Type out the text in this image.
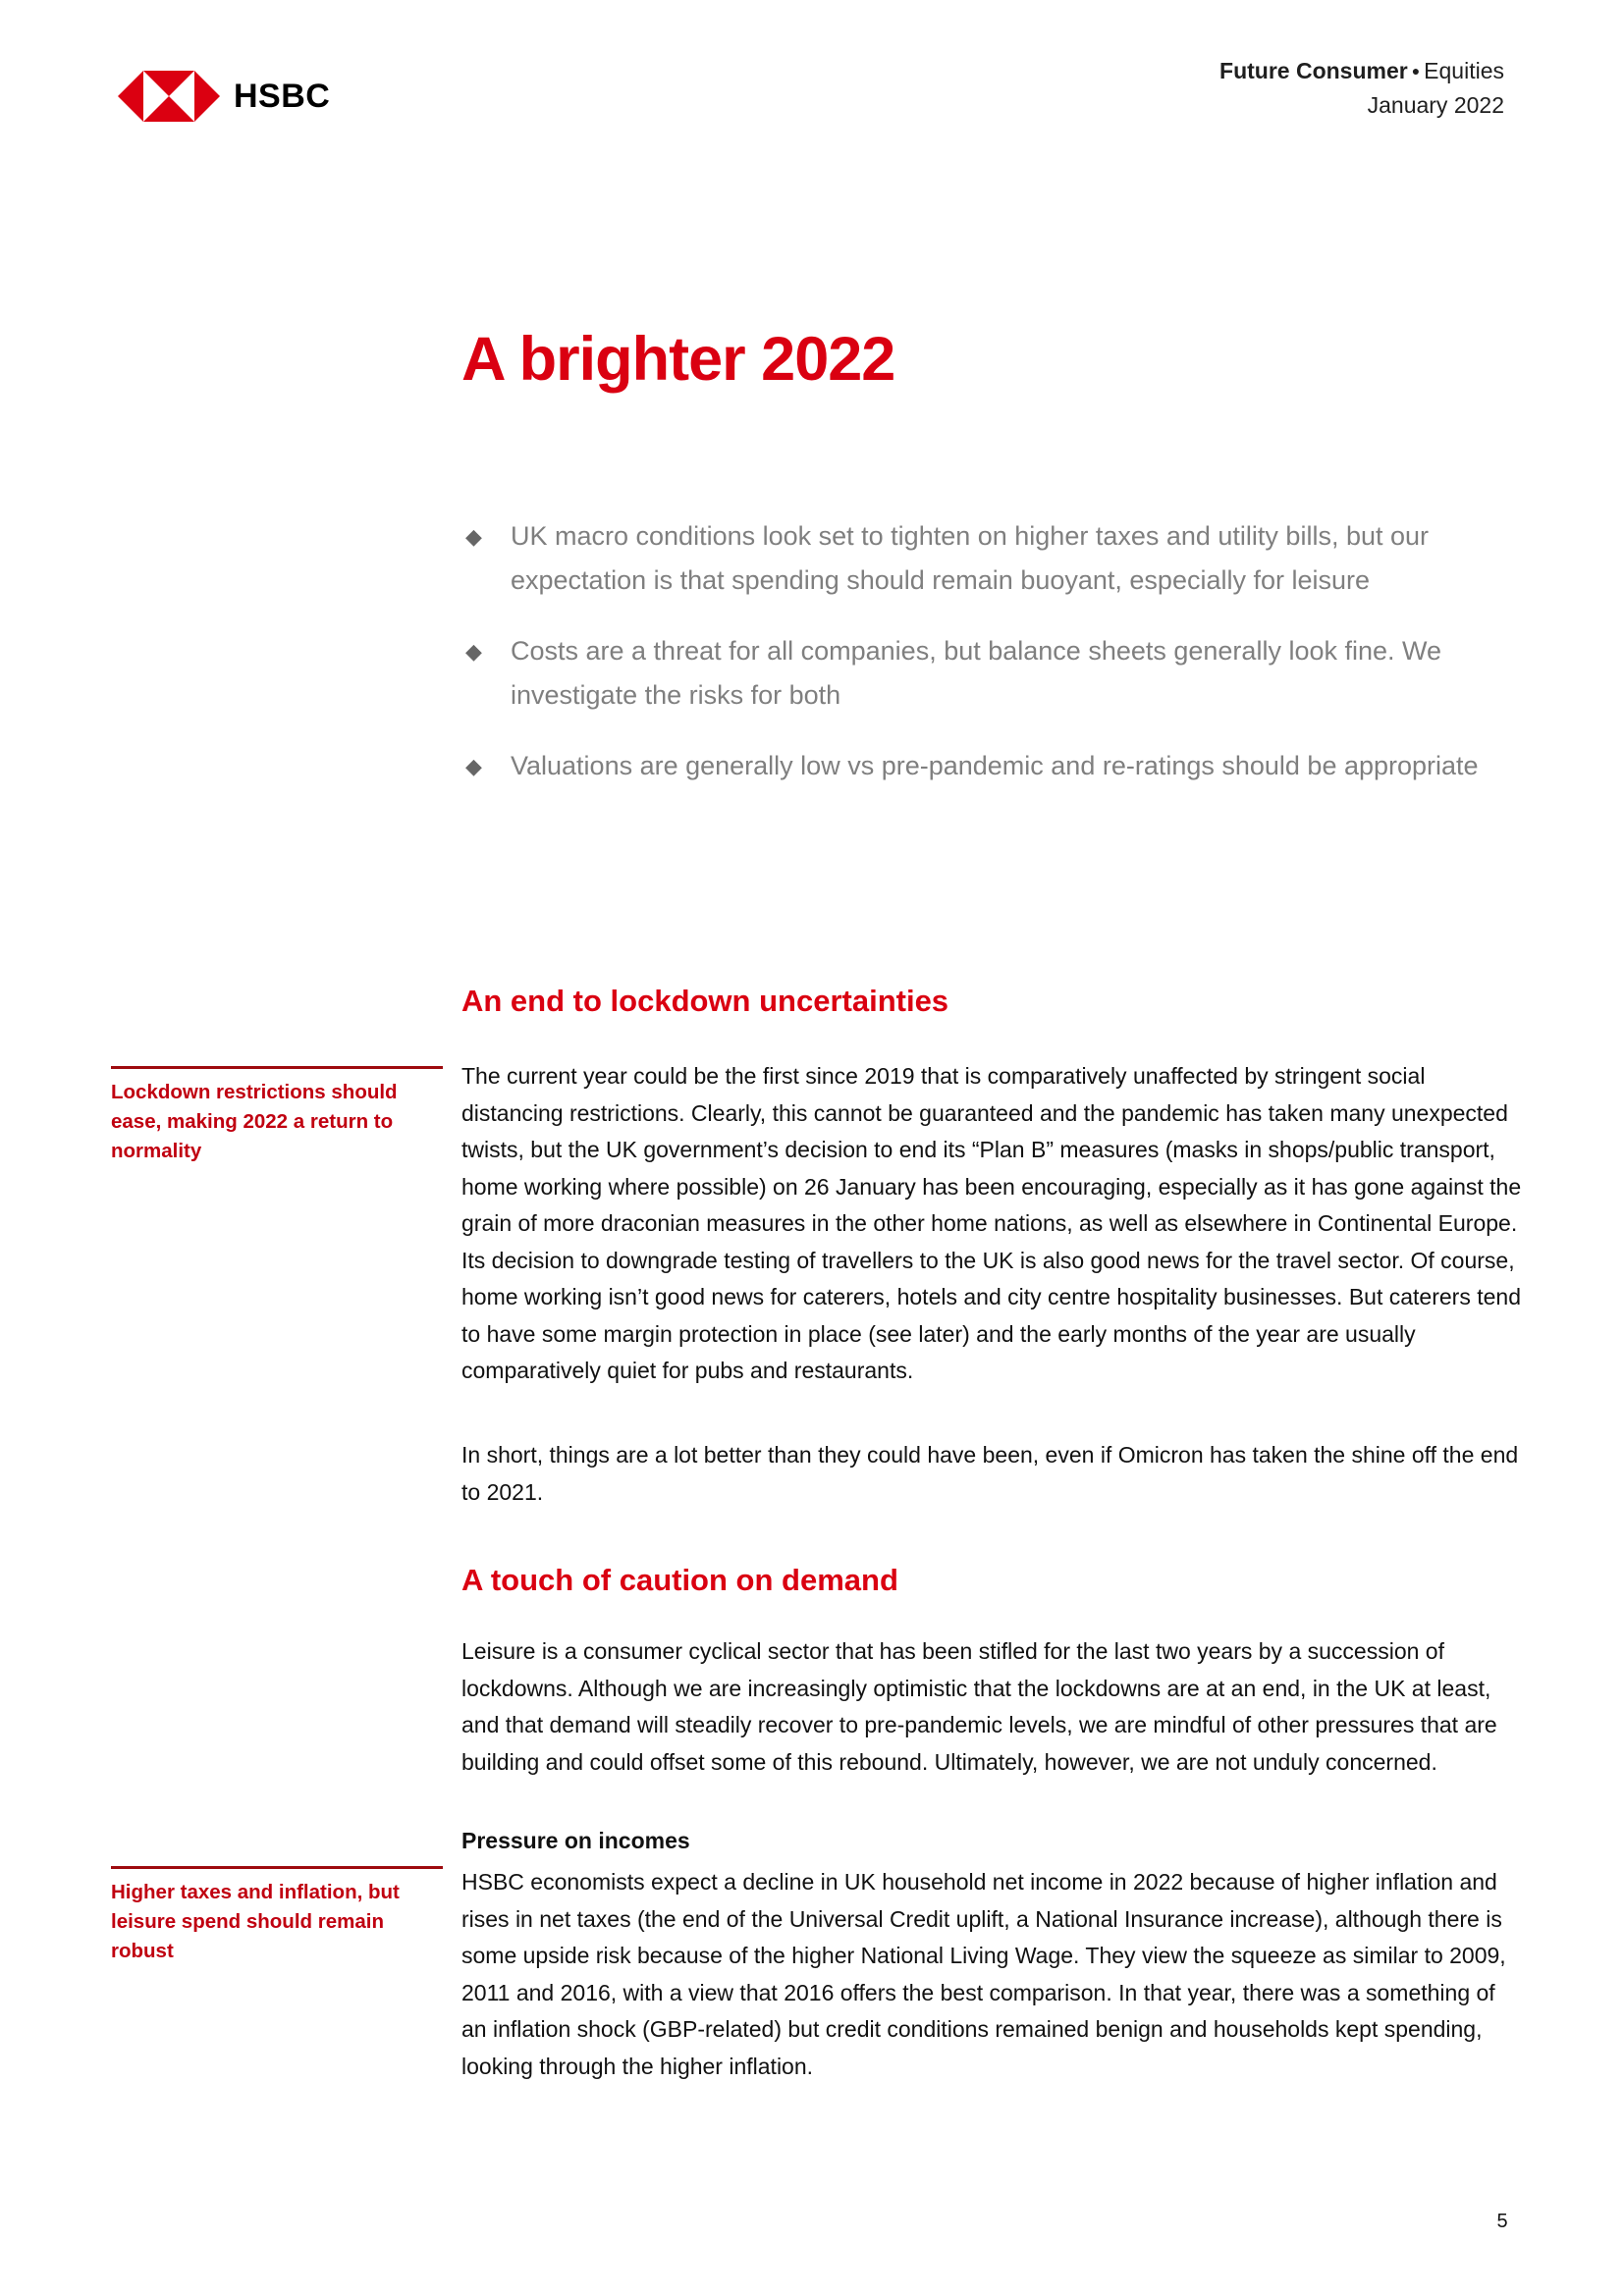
HSBC
Future Consumer ● Equities
January 2022
A brighter 2022
◆	UK macro conditions look set to tighten on higher taxes and utility bills, but our expectation is that spending should remain buoyant, especially for leisure
◆	Costs are a threat for all companies, but balance sheets generally look fine. We investigate the risks for both
◆	Valuations are generally low vs pre-pandemic and re-ratings should be appropriate
An end to lockdown uncertainties
Lockdown restrictions should ease, making 2022 a return to normality
The current year could be the first since 2019 that is comparatively unaffected by stringent social distancing restrictions. Clearly, this cannot be guaranteed and the pandemic has taken many unexpected twists, but the UK government’s decision to end its “Plan B” measures (masks in shops/public transport, home working where possible) on 26 January has been encouraging, especially as it has gone against the grain of more draconian measures in the other home nations, as well as elsewhere in Continental Europe. Its decision to downgrade testing of travellers to the UK is also good news for the travel sector. Of course, home working isn’t good news for caterers, hotels and city centre hospitality businesses. But caterers tend to have some margin protection in place (see later) and the early months of the year are usually comparatively quiet for pubs and restaurants.
In short, things are a lot better than they could have been, even if Omicron has taken the shine off the end to 2021.
A touch of caution on demand
Leisure is a consumer cyclical sector that has been stifled for the last two years by a succession of lockdowns. Although we are increasingly optimistic that the lockdowns are at an end, in the UK at least, and that demand will steadily recover to pre-pandemic levels, we are mindful of other pressures that are building and could offset some of this rebound. Ultimately, however, we are not unduly concerned.
Pressure on incomes
Higher taxes and inflation, but leisure spend should remain robust
HSBC economists expect a decline in UK household net income in 2022 because of higher inflation and rises in net taxes (the end of the Universal Credit uplift, a National Insurance increase), although there is some upside risk because of the higher National Living Wage. They view the squeeze as similar to 2009, 2011 and 2016, with a view that 2016 offers the best comparison. In that year, there was a something of an inflation shock (GBP-related) but credit conditions remained benign and households kept spending, looking through the higher inflation.
5
